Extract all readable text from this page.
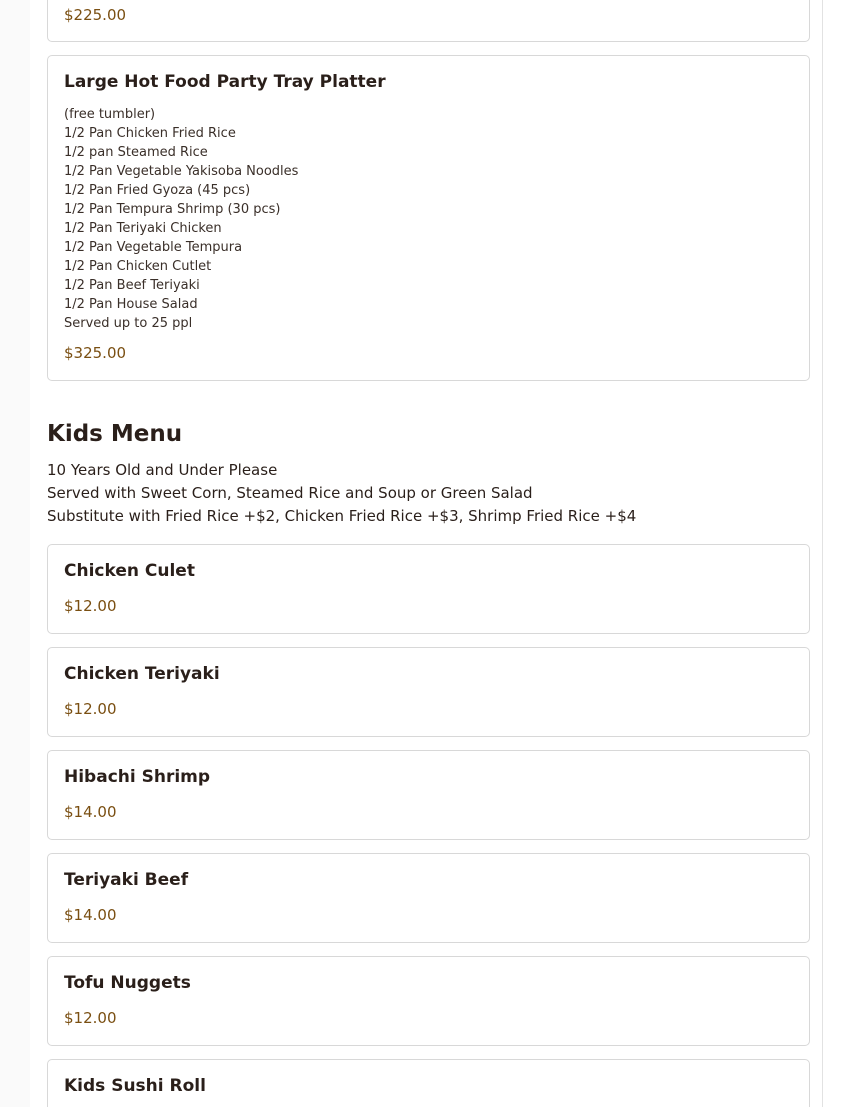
$225.00
Large Hot Food Party Tray Platter
(free tumbler)
1/2 Pan Chicken Fried Rice
1/2 pan Steamed Rice
1/2 Pan Vegetable Yakisoba Noodles
1/2 Pan Fried Gyoza (45 pcs)
1/2 Pan Tempura Shrimp (30 pcs)
1/2 Pan Teriyaki Chicken
1/2 Pan Vegetable Tempura
1/2 Pan Chicken Cutlet
1/2 Pan Beef Teriyaki
1/2 Pan House Salad
Served up to 25 ppl
$325.00
Kids Menu
10 Years Old and Under Please
Served with Sweet Corn, Steamed Rice and Soup or Green Salad
Substitute with Fried Rice +$2, Chicken Fried Rice +$3, Shrimp Fried Rice +$4
Chicken Culet
$12.00
Chicken Teriyaki
$12.00
Hibachi Shrimp
$14.00
Teriyaki Beef
$14.00
Tofu Nuggets
$12.00
Kids Sushi Roll
